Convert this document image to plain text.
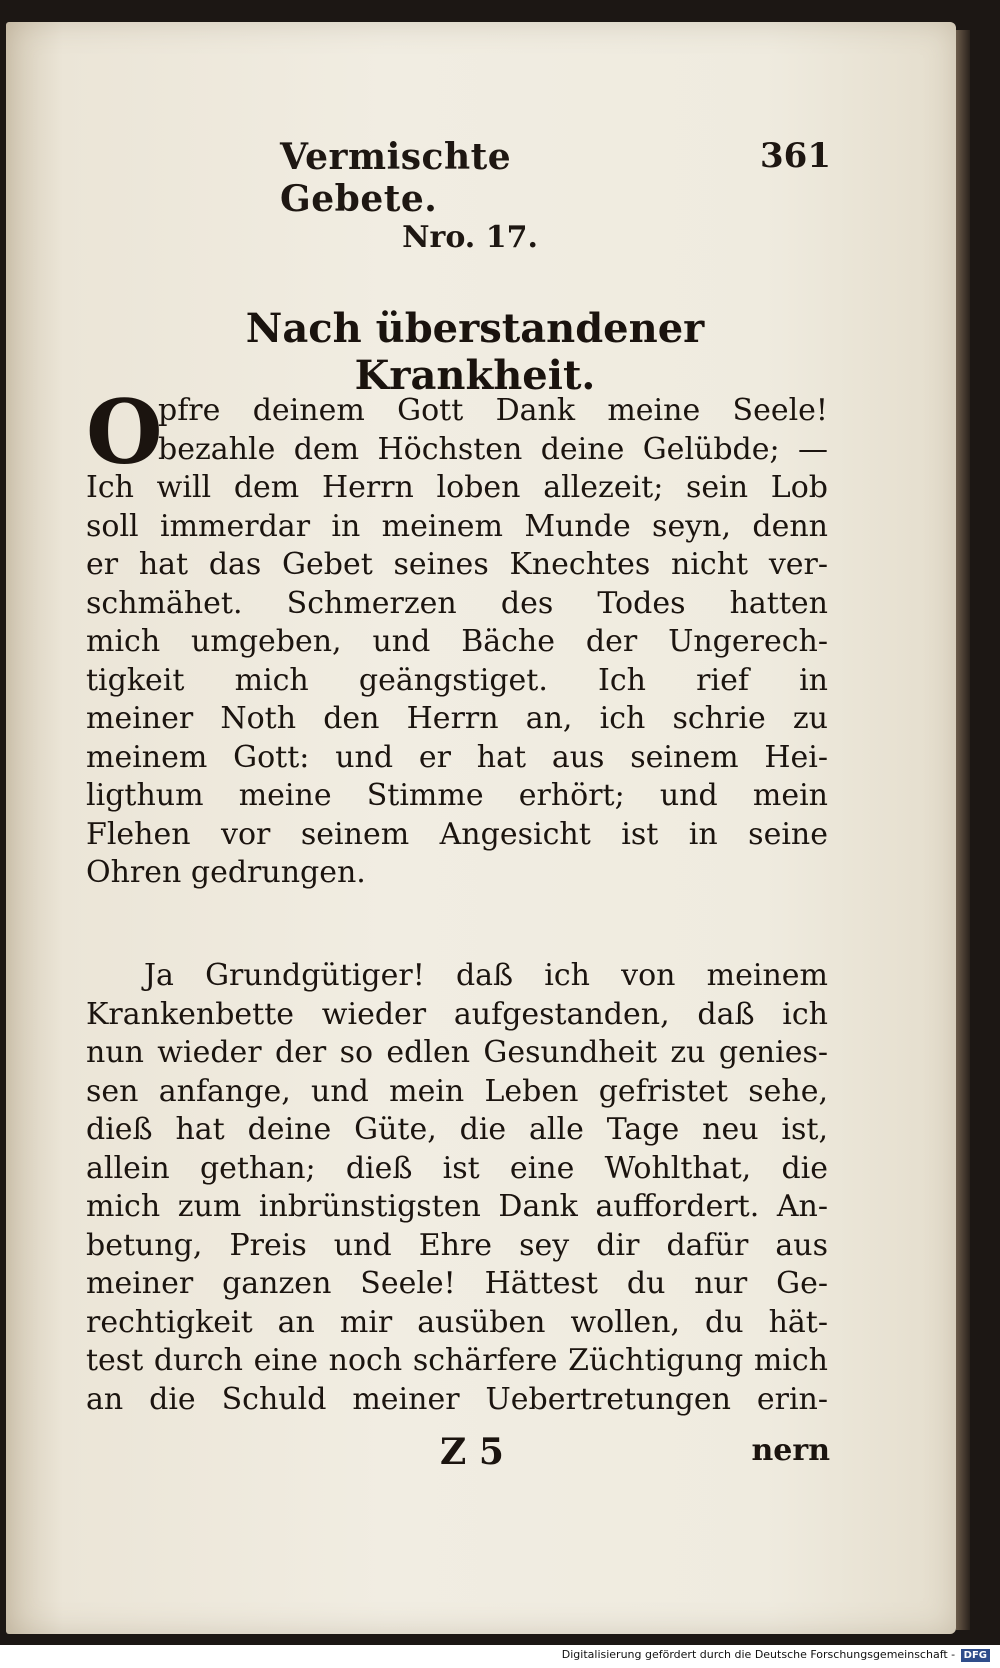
Vermischte Gebete.
361
Nro. 17.
Nach überstandener Krankheit.
O
pfre deinem Gott Dank meine Seele!
bezahle dem Höchsten deine Gelübde; —
Ich will dem Herrn loben allezeit; sein Lob
soll immerdar in meinem Munde seyn, denn
er hat das Gebet seines Knechtes nicht ver-
schmähet. Schmerzen des Todes hatten
mich umgeben, und Bäche der Ungerech-
tigkeit mich geängstiget. Ich rief in
meiner Noth den Herrn an, ich schrie zu
meinem Gott: und er hat aus seinem Hei-
ligthum meine Stimme erhört; und mein
Flehen vor seinem Angesicht ist in seine
Ohren gedrungen.
Ja Grundgütiger! daß ich von meinem
Krankenbette wieder aufgestanden, daß ich
nun wieder der so edlen Gesundheit zu genies-
sen anfange, und mein Leben gefristet sehe,
dieß hat deine Güte, die alle Tage neu ist,
allein gethan; dieß ist eine Wohlthat, die
mich zum inbrünstigsten Dank auffordert. An-
betung, Preis und Ehre sey dir dafür aus
meiner ganzen Seele! Hättest du nur Ge-
rechtigkeit an mir ausüben wollen, du hät-
test durch eine noch schärfere Züchtigung mich
an die Schuld meiner Uebertretungen erin-
Z 5	nern
Digitalisierung gefördert durch die Deutsche Forschungsgemeinschaft - DFG
